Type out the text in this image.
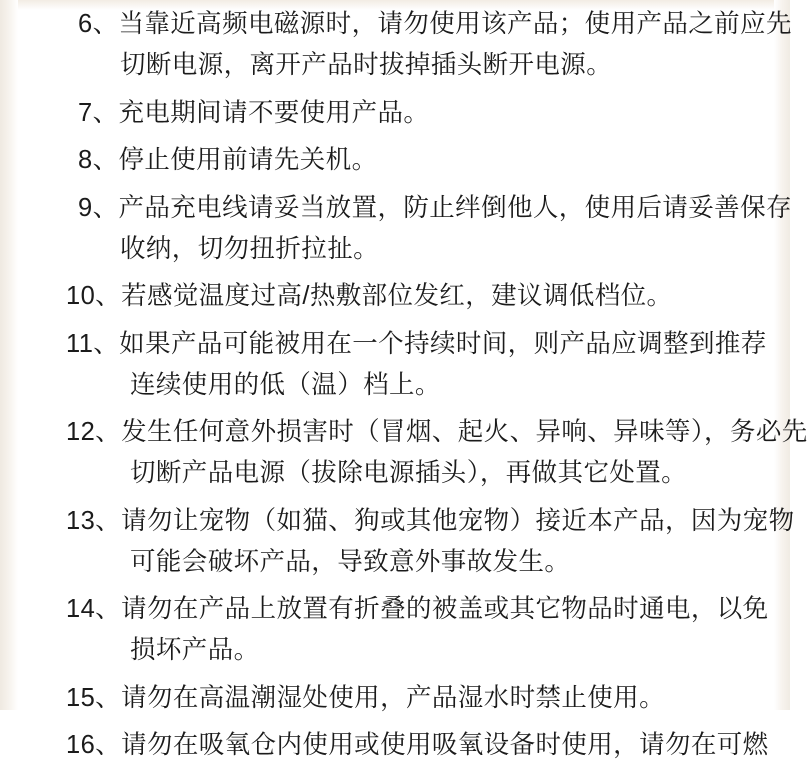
6、当靠近高频电磁源时，请勿使用该产品；使用产品之前应先
切断电源，离开产品时拔掉插头断开电源。
7、充电期间请不要使用产品。
8、停止使用前请先关机。
9、产品充电线请妥当放置，防止绊倒他人，使用后请妥善保存
收纳，切勿扭折拉扯。
10、若感觉温度过高/热敷部位发红，建议调低档位。
11、如果产品可能被用在一个持续时间，则产品应调整到推荐
连续使用的低（温）档上。
12、发生任何意外损害时（冒烟、起火、异响、异味等），务必先
切断产品电源（拔除电源插头），再做其它处置。
13、请勿让宠物（如猫、狗或其他宠物）接近本产品，因为宠物
可能会破坏产品，导致意外事故发生。
14、请勿在产品上放置有折叠的被盖或其它物品时通电，以免
损坏产品。
15、请勿在高温潮湿处使用，产品湿水时禁止使用。
16、请勿在吸氧仓内使用或使用吸氧设备时使用，请勿在可燃
